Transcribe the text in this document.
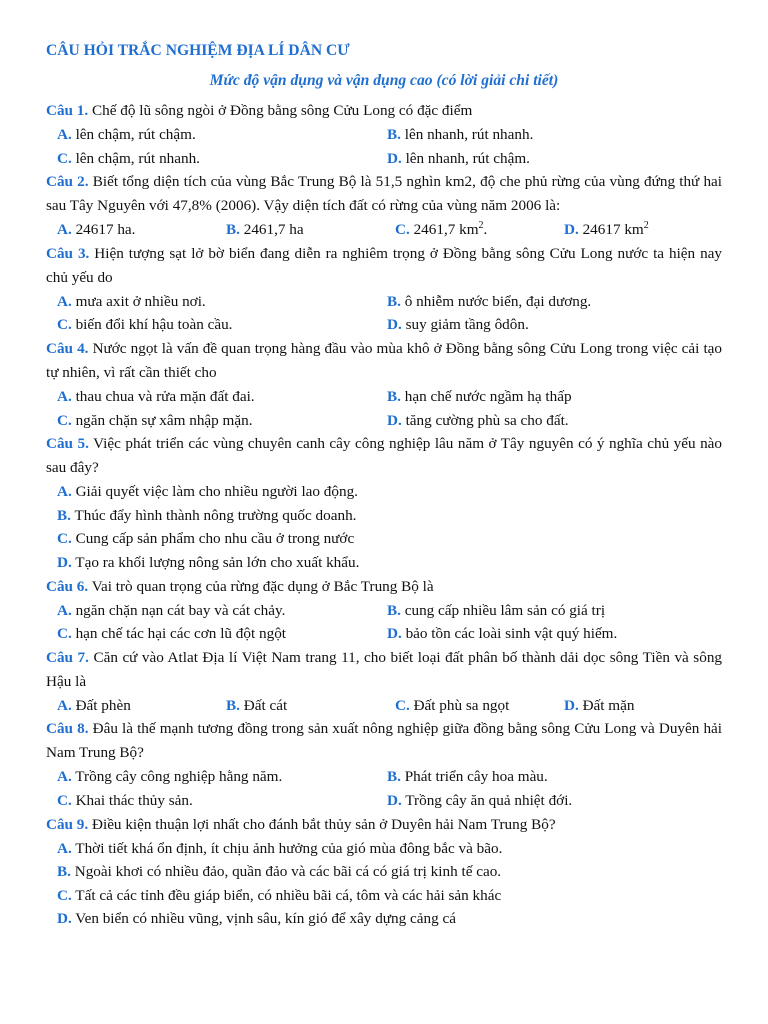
CÂU HỎI TRẮC NGHIỆM ĐỊA LÍ DÂN CƯ
Mức độ vận dụng và vận dụng cao (có lời giải chi tiết)
Câu 1. Chế độ lũ sông ngòi ở Đồng bằng sông Cửu Long có đặc điểm
A. lên chậm, rút chậm.	B. lên nhanh, rút nhanh.
C. lên chậm, rút nhanh.	D. lên nhanh, rút chậm.
Câu 2. Biết tổng diện tích của vùng Bắc Trung Bộ là 51,5 nghìn km2, độ che phủ rừng của vùng đứng thứ hai sau Tây Nguyên với 47,8% (2006). Vậy diện tích đất có rừng của vùng năm 2006 là:
A. 24617 ha.	B. 2461,7 ha	C. 2461,7 $km^2$.	D. 24617 $km^2$
Câu 3. Hiện tượng sạt lở bờ biển đang diễn ra nghiêm trọng ở Đồng bằng sông Cửu Long nước ta hiện nay chủ yếu do
A. mưa axit ở nhiều nơi.	B. ô nhiễm nước biển, đại dương.
C. biến đổi khí hậu toàn cầu.	D. suy giảm tầng ôdôn.
Câu 4. Nước ngọt là vấn đề quan trọng hàng đầu vào mùa khô ở Đồng bằng sông Cửu Long trong việc cải tạo tự nhiên, vì rất cần thiết cho
A. thau chua và rửa mặn đất đai.	B. hạn chế nước ngầm hạ thấp
C. ngăn chặn sự xâm nhập mặn.	D. tăng cường phù sa cho đất.
Câu 5. Việc phát triển các vùng chuyên canh cây công nghiệp lâu năm ở Tây nguyên có ý nghĩa chủ yếu nào sau đây?
A. Giải quyết việc làm cho nhiều người lao động.
B. Thúc đẩy hình thành nông trường quốc doanh.
C. Cung cấp sản phẩm cho nhu cầu ở trong nước
D. Tạo ra khối lượng nông sản lớn cho xuất khẩu.
Câu 6. Vai trò quan trọng của rừng đặc dụng ở Bắc Trung Bộ là
A. ngăn chặn nạn cát bay và cát chảy.	B. cung cấp nhiều lâm sản có giá trị
C. hạn chế tác hại các cơn lũ đột ngột	D. bảo tồn các loài sinh vật quý hiếm.
Câu 7. Căn cứ vào Atlat Địa lí Việt Nam trang 11, cho biết loại đất phân bố thành dải dọc sông Tiền và sông Hậu là
A. Đất phèn	B. Đất cát	C. Đất phù sa ngọt	D. Đất mặn
Câu 8. Đâu là thế mạnh tương đồng trong sản xuất nông nghiệp giữa đồng bằng sông Cửu Long và Duyên hải Nam Trung Bộ?
A. Trồng cây công nghiệp hằng năm.	B. Phát triển cây hoa màu.
C. Khai thác thủy sản.	D. Trồng cây ăn quả nhiệt đới.
Câu 9. Điều kiện thuận lợi nhất cho đánh bắt thủy sản ở Duyên hải Nam Trung Bộ?
A. Thời tiết khá ổn định, ít chịu ảnh hưởng của gió mùa đông bắc và bão.
B. Ngoài khơi có nhiều đảo, quần đảo và các bãi cá có giá trị kinh tế cao.
C. Tất cả các tỉnh đều giáp biển, có nhiều bãi cá, tôm và các hải sản khác
D. Ven biển có nhiều vũng, vịnh sâu, kín gió để xây dựng cảng cá
